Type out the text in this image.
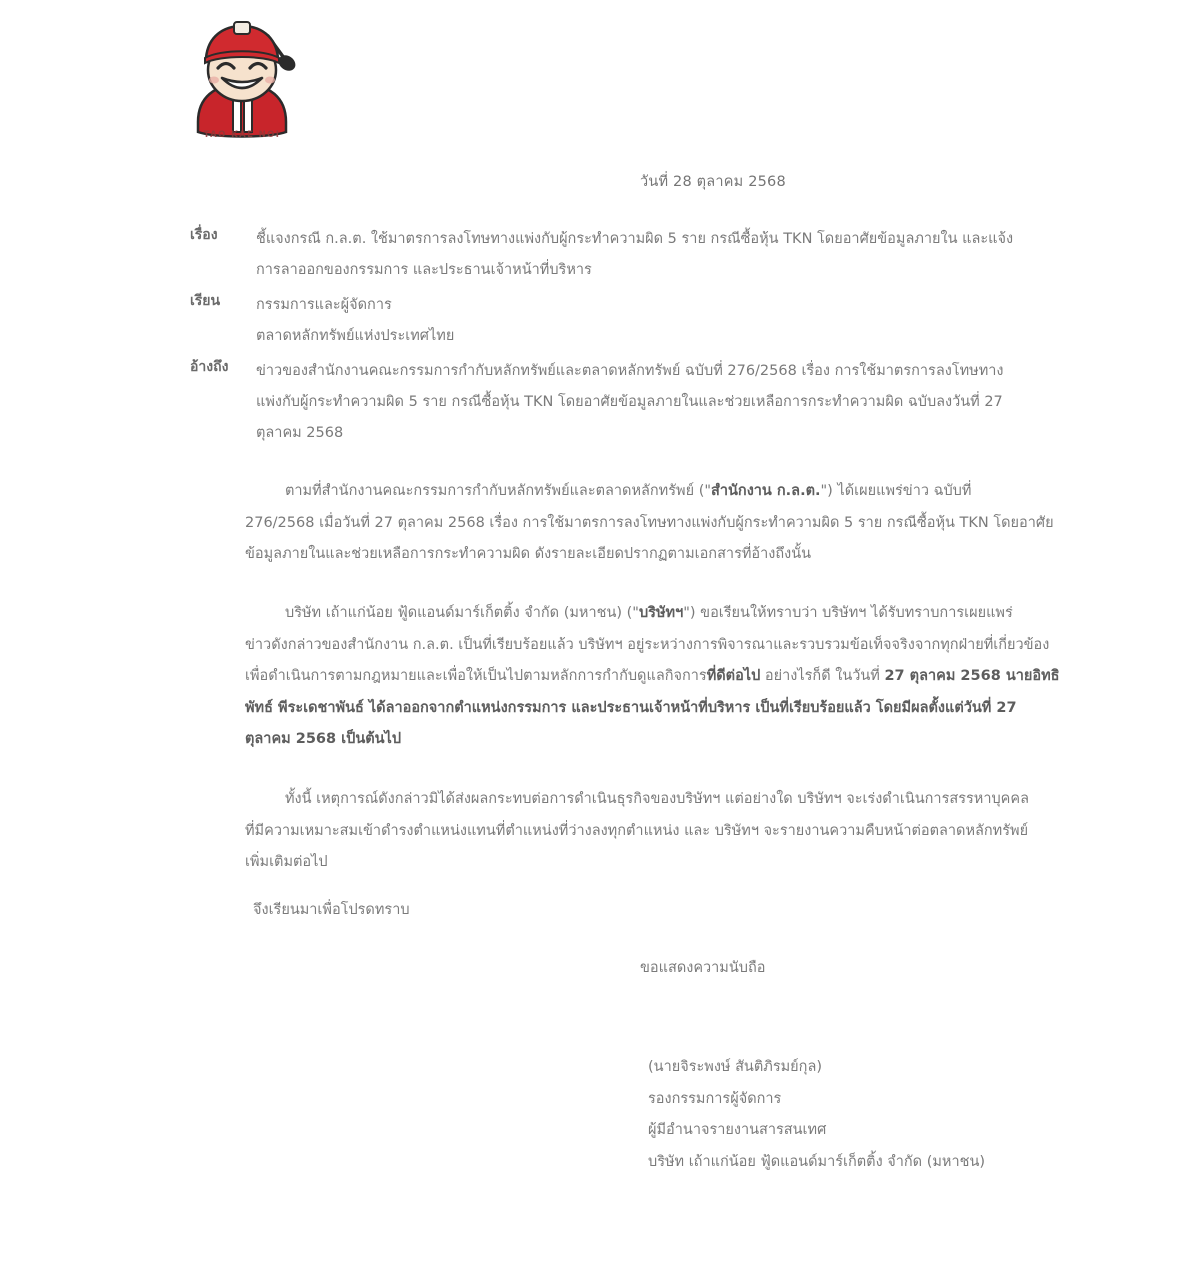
TAO KAE NOI
วันที่ 28 ตุลาคม 2568
เรื่อง	ชี้แจงกรณี ก.ล.ต. ใช้มาตรการลงโทษทางแพ่งกับผู้กระทำความผิด 5 ราย กรณีซื้อหุ้น TKN โดยอาศัยข้อมูลภายใน และแจ้ง
การลาออกของกรรมการ และประธานเจ้าหน้าที่บริหาร
เรียน	กรรมการและผู้จัดการ
ตลาดหลักทรัพย์แห่งประเทศไทย
อ้างถึง	ข่าวของสำนักงานคณะกรรมการกำกับหลักทรัพย์และตลาดหลักทรัพย์ ฉบับที่ 276/2568 เรื่อง การใช้มาตรการลงโทษทาง
แพ่งกับผู้กระทำความผิด 5 ราย กรณีซื้อหุ้น TKN โดยอาศัยข้อมูลภายในและช่วยเหลือการกระทำความผิด ฉบับลงวันที่ 27
ตุลาคม 2568
ตามที่สำนักงานคณะกรรมการกำกับหลักทรัพย์และตลาดหลักทรัพย์ ("สำนักงาน ก.ล.ต.") ได้เผยแพร่ข่าว ฉบับที่
276/2568 เมื่อวันที่ 27 ตุลาคม 2568 เรื่อง การใช้มาตรการลงโทษทางแพ่งกับผู้กระทำความผิด 5 ราย กรณีซื้อหุ้น TKN โดยอาศัย
ข้อมูลภายในและช่วยเหลือการกระทำความผิด ดังรายละเอียดปรากฏตามเอกสารที่อ้างถึงนั้น
บริษัท เถ้าแก่น้อย ฟู้ดแอนด์มาร์เก็ตติ้ง จำกัด (มหาชน) ("บริษัทฯ") ขอเรียนให้ทราบว่า บริษัทฯ ได้รับทราบการเผยแพร่
ข่าวดังกล่าวของสำนักงาน ก.ล.ต. เป็นที่เรียบร้อยแล้ว บริษัทฯ อยู่ระหว่างการพิจารณาและรวบรวมข้อเท็จจริงจากทุกฝ่ายที่เกี่ยวข้อง
เพื่อดำเนินการตามกฎหมายและเพื่อให้เป็นไปตามหลักการกำกับดูแลกิจการที่ดีต่อไป อย่างไรก็ดี ในวันที่ 27 ตุลาคม 2568 นายอิทธิ
พัทธ์ พีระเดชาพันธ์ ได้ลาออกจากตำแหน่งกรรมการ และประธานเจ้าหน้าที่บริหาร เป็นที่เรียบร้อยแล้ว โดยมีผลตั้งแต่วันที่ 27
ตุลาคม 2568 เป็นต้นไป
ทั้งนี้ เหตุการณ์ดังกล่าวมิได้ส่งผลกระทบต่อการดำเนินธุรกิจของบริษัทฯ แต่อย่างใด บริษัทฯ จะเร่งดำเนินการสรรหาบุคคล
ที่มีความเหมาะสมเข้าดำรงตำแหน่งแทนที่ตำแหน่งที่ว่างลงทุกตำแหน่ง และ บริษัทฯ จะรายงานความคืบหน้าต่อตลาดหลักทรัพย์
เพิ่มเติมต่อไป
จึงเรียนมาเพื่อโปรดทราบ
ขอแสดงความนับถือ
(นายจิระพงษ์ สันติภิรมย์กุล)
รองกรรมการผู้จัดการ
ผู้มีอำนาจรายงานสารสนเทศ
บริษัท เถ้าแก่น้อย ฟู้ดแอนด์มาร์เก็ตติ้ง จำกัด (มหาชน)
